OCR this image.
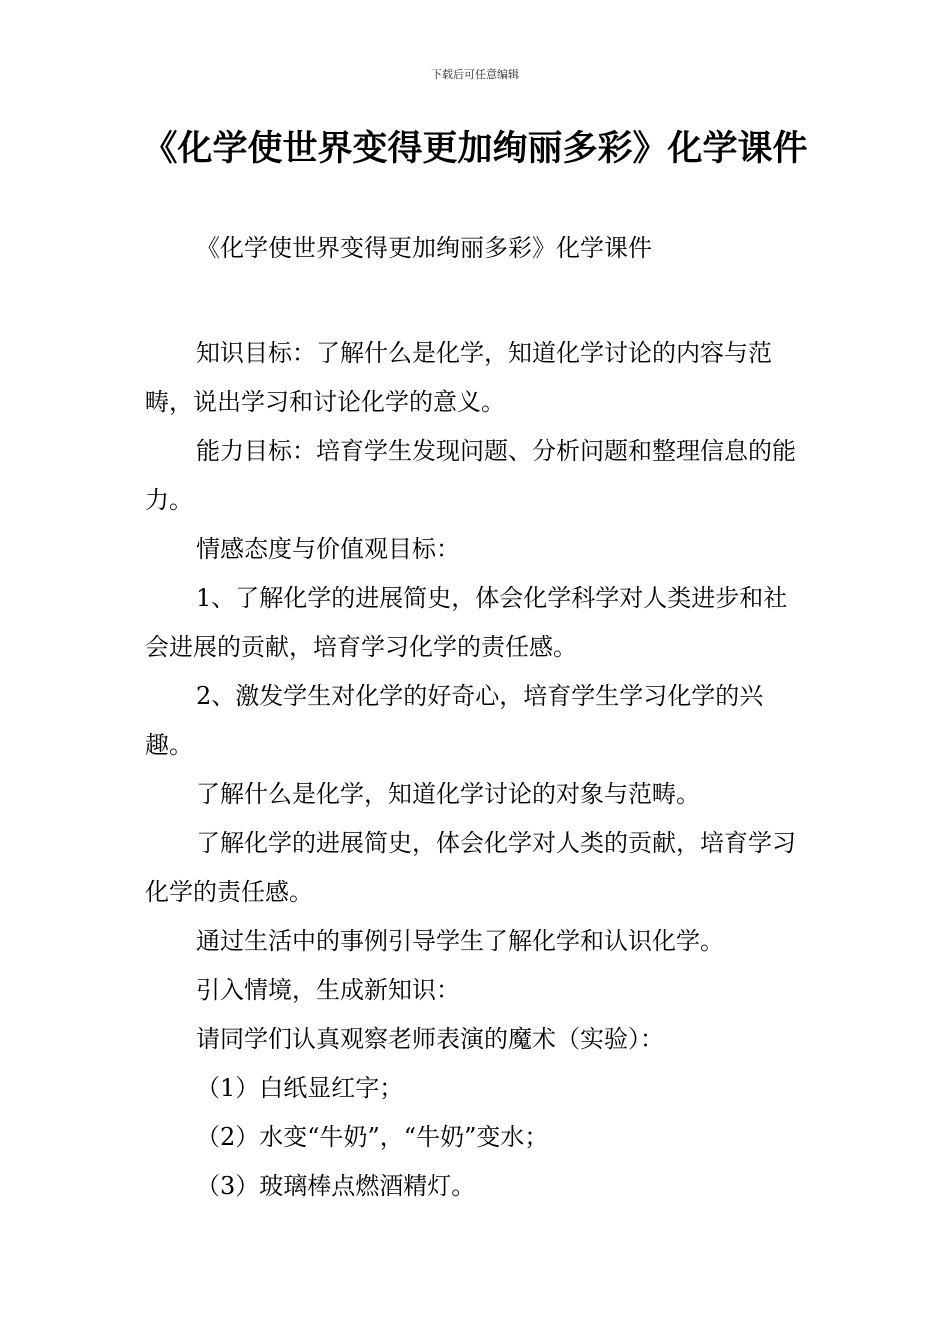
下载后可任意编辑
《化学使世界变得更加绚丽多彩》化学课件
《化学使世界变得更加绚丽多彩》化学课件

知识目标：了解什么是化学，知道化学讨论的内容与范畴，说出学习和讨论化学的意义。

能力目标：培育学生发现问题、分析问题和整理信息的能力。

情感态度与价值观目标：

1、了解化学的进展简史，体会化学科学对人类进步和社会进展的贡献，培育学习化学的责任感。

2、激发学生对化学的好奇心，培育学生学习化学的兴趣。

了解什么是化学，知道化学讨论的对象与范畴。

了解化学的进展简史，体会化学对人类的贡献，培育学习化学的责任感。

通过生活中的事例引导学生了解化学和认识化学。

引入情境，生成新知识：

请同学们认真观察老师表演的魔术（实验）：

（1）白纸显红字；

（2）水变“牛奶”，“牛奶”变水；

（3）玻璃棒点燃酒精灯。
